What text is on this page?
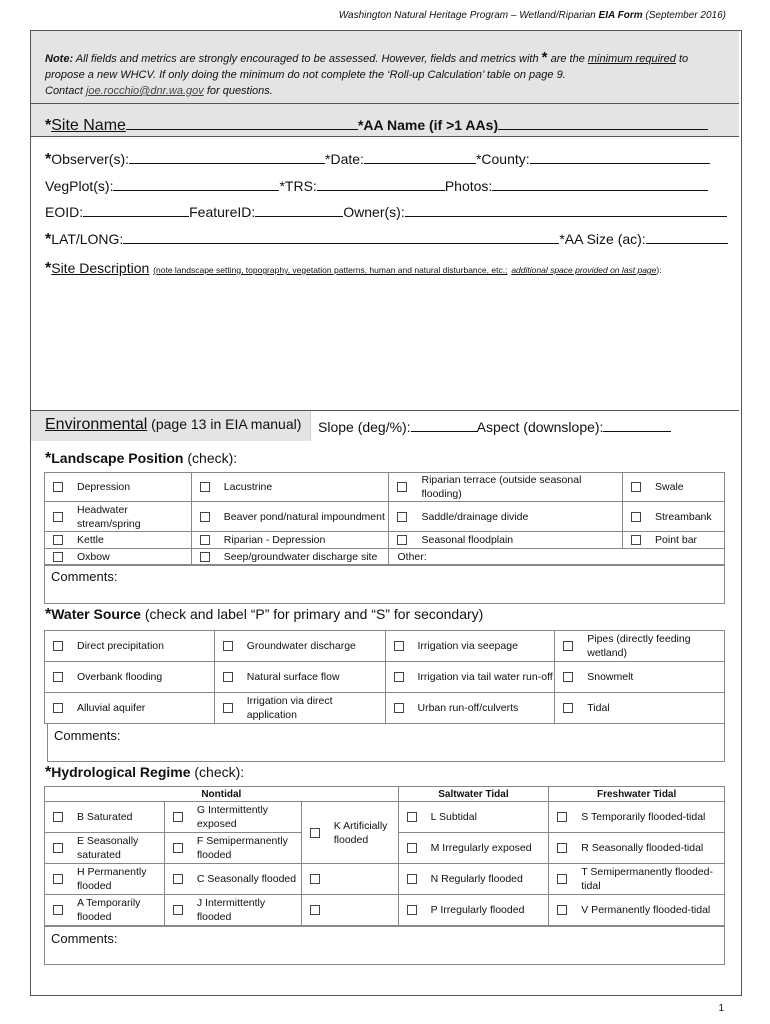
Washington Natural Heritage Program – Wetland/Riparian EIA Form (September 2016)
Note: All fields and metrics are strongly encouraged to be assessed. However, fields and metrics with * are the minimum required to propose a new WHCV. If only doing the minimum do not complete the ‘Roll-up Calculation’ table on page 9.
Contact joe.rocchio@dnr.wa.gov for questions.
*Site Name	*AA Name (if >1 AAs)
*Observer(s):	*Date:	*County:
VegPlot(s):	*TRS:	Photos:
EOID:	FeatureID:	Owner(s):
*LAT/LONG:	*AA Size (ac):
*Site Description (note landscape setting, topography, vegetation patterns, human and natural disturbance, etc.; additional space provided on last page):
Environmental (page 13 in EIA manual) Slope (deg/%):	Aspect (downslope):
*Landscape Position (check):
Depression	Lacustrine	Riparian terrace (outside seasonal flooding)	Swale

Headwater stream/spring	Beaver pond/natural impoundment	Saddle/drainage divide	Streambank

Kettle	Riparian - Depression	Seasonal floodplain	Point bar

Oxbow	Seep/groundwater discharge site	Other:	
Comments:
*Water Source (check and label “P” for primary and “S” for secondary)
Direct precipitation	Groundwater discharge	Irrigation via seepage	Pipes (directly feeding wetland)

Overbank flooding	Natural surface flow	Irrigation via tail water run-off	Snowmelt

Alluvial aquifer	Irrigation via direct application	Urban run-off/culverts	Tidal
Comments:
*Hydrological Regime (check):
Nontidal			Saltwater Tidal	Freshwater Tidal

B Saturated	G Intermittently exposed	K Artificially flooded	L Subtidal	S Temporarily flooded-tidal

E Seasonally saturated	F Semipermanently flooded		M Irregularly exposed	R Seasonally flooded-tidal

H Permanently flooded	C Seasonally flooded		N Regularly flooded	T Semipermanently flooded-tidal

A Temporarily flooded	J Intermittently flooded		P Irregularly flooded	V Permanently flooded-tidal
Comments:
1
